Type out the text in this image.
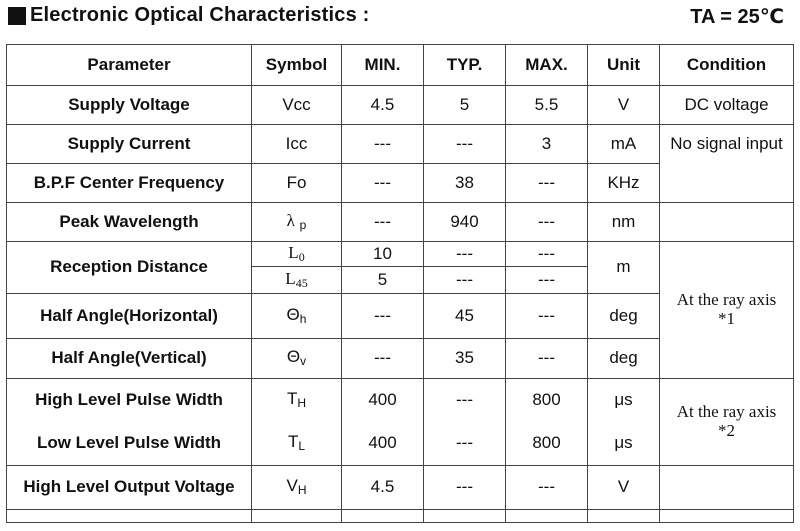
Electronic Optical Characteristics :	TA = 25℃
Parameter	Symbol	MIN.	TYP.	MAX.	Unit	Condition
Supply Voltage	Vcc	4.5	5	5.5	V	DC voltage
Supply Current	Icc	---	---	3	mA	No signal input
B.P.F Center Frequency	Fo	---	38	---	KHz	
Peak Wavelength	λ $_p$	---	940	---	nm	
Reception Distance	$L_0$	10	---	---	m	At the ray axis
*1

	$L_{45}$	5	---	---		
Half Angle(Horizontal)	$\Theta_h$	---	45	---	deg	
Half Angle(Vertical)	$\Theta_v$	---	35	---	deg	
High Level Pulse Width	$T_H$	400	---	800	μs	At the ray axis
*2

Low Level Pulse Width	$T_L$	400	---	800	μs	
High Level Output Voltage	$V_H$	4.5	---	---	V	
